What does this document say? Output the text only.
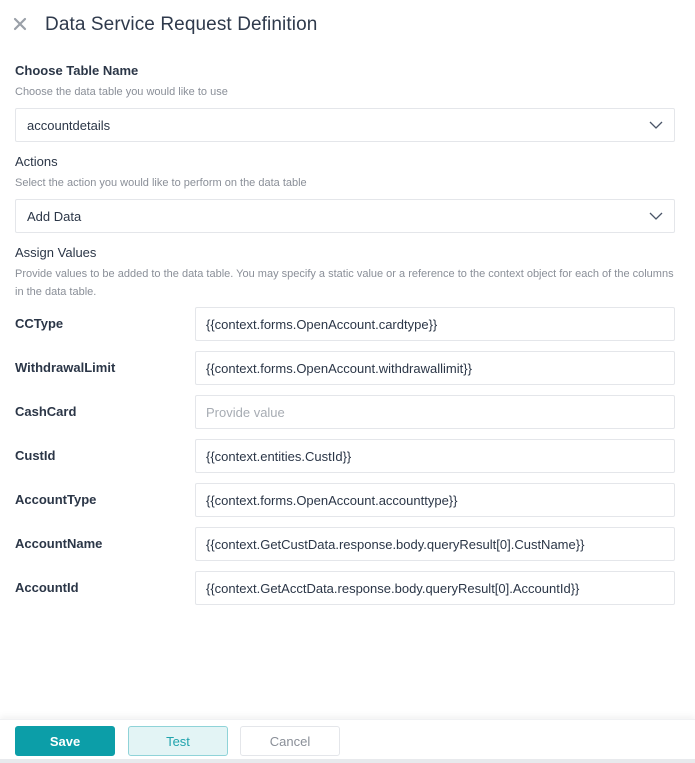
Data Service Request Definition
Choose Table Name
Choose the data table you would like to use
accountdetails
Actions
Select the action you would like to perform on the data table
Add Data
Assign Values
Provide values to be added to the data table. You may specify a static value or a reference to the context object for each of the columns in the data table.
CCType
{{context.forms.OpenAccount.cardtype}}
WithdrawalLimit
{{context.forms.OpenAccount.withdrawallimit}}
CashCard
Provide value
CustId
{{context.entities.CustId}}
AccountType
{{context.forms.OpenAccount.accounttype}}
AccountName
{{context.GetCustData.response.body.queryResult[0].CustName}}
AccountId
{{context.GetAcctData.response.body.queryResult[0].AccountId}}
Save	Test	Cancel
